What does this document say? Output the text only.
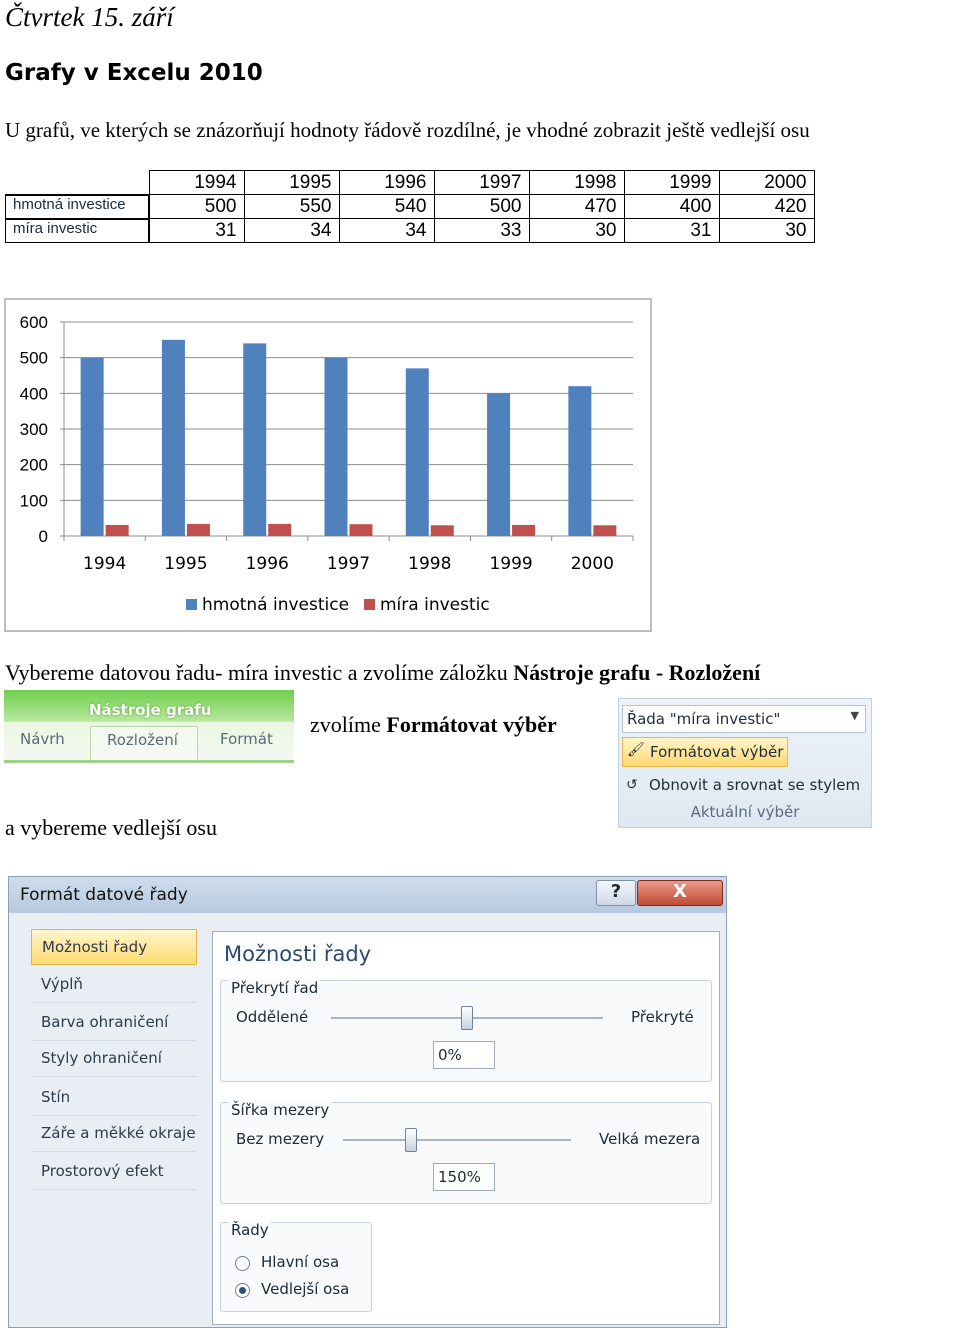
Čtvrtek 15. září
Grafy v Excelu 2010
U grafů, ve kterých se znázorňují hodnoty řádově rozdílné, je vhodné zobrazit ještě vedlejší osu
	1994	1995	1996	1997	1998	1999	2000

hmotná investice	500	550	540	500	470	400	420

míra investic	31	34	34	33	30	31	30
0
100
200
300
400
500
600
1994 1995 1996 1997 1998 1999 2000
hmotná investice míra investic
Vybereme datovou řadu- míra investic a zvolíme záložku Nástroje grafu - Rozložení
Nástroje grafu
Návrh	Rozložení	Formát
zvolíme Formátovat výběr	Řada "míra investic"	▼
🖌 Formátovat výběr
↺ Obnovit a srovnat se stylem
Aktuální výběr
a vybereme vedlejší osu
Formát datové řady	?	X
Možnosti řady
Výplň
Barva ohraničení
Styly ohraničení
Stín
Záře a měkké okraje
Prostorový efekt
Možnosti řady
Překrytí řad
Oddělené	Překryté
0%
Šířka mezery
Bez mezery	Velká mezera
150%
Řady
Hlavní osa
Vedlejší osa
